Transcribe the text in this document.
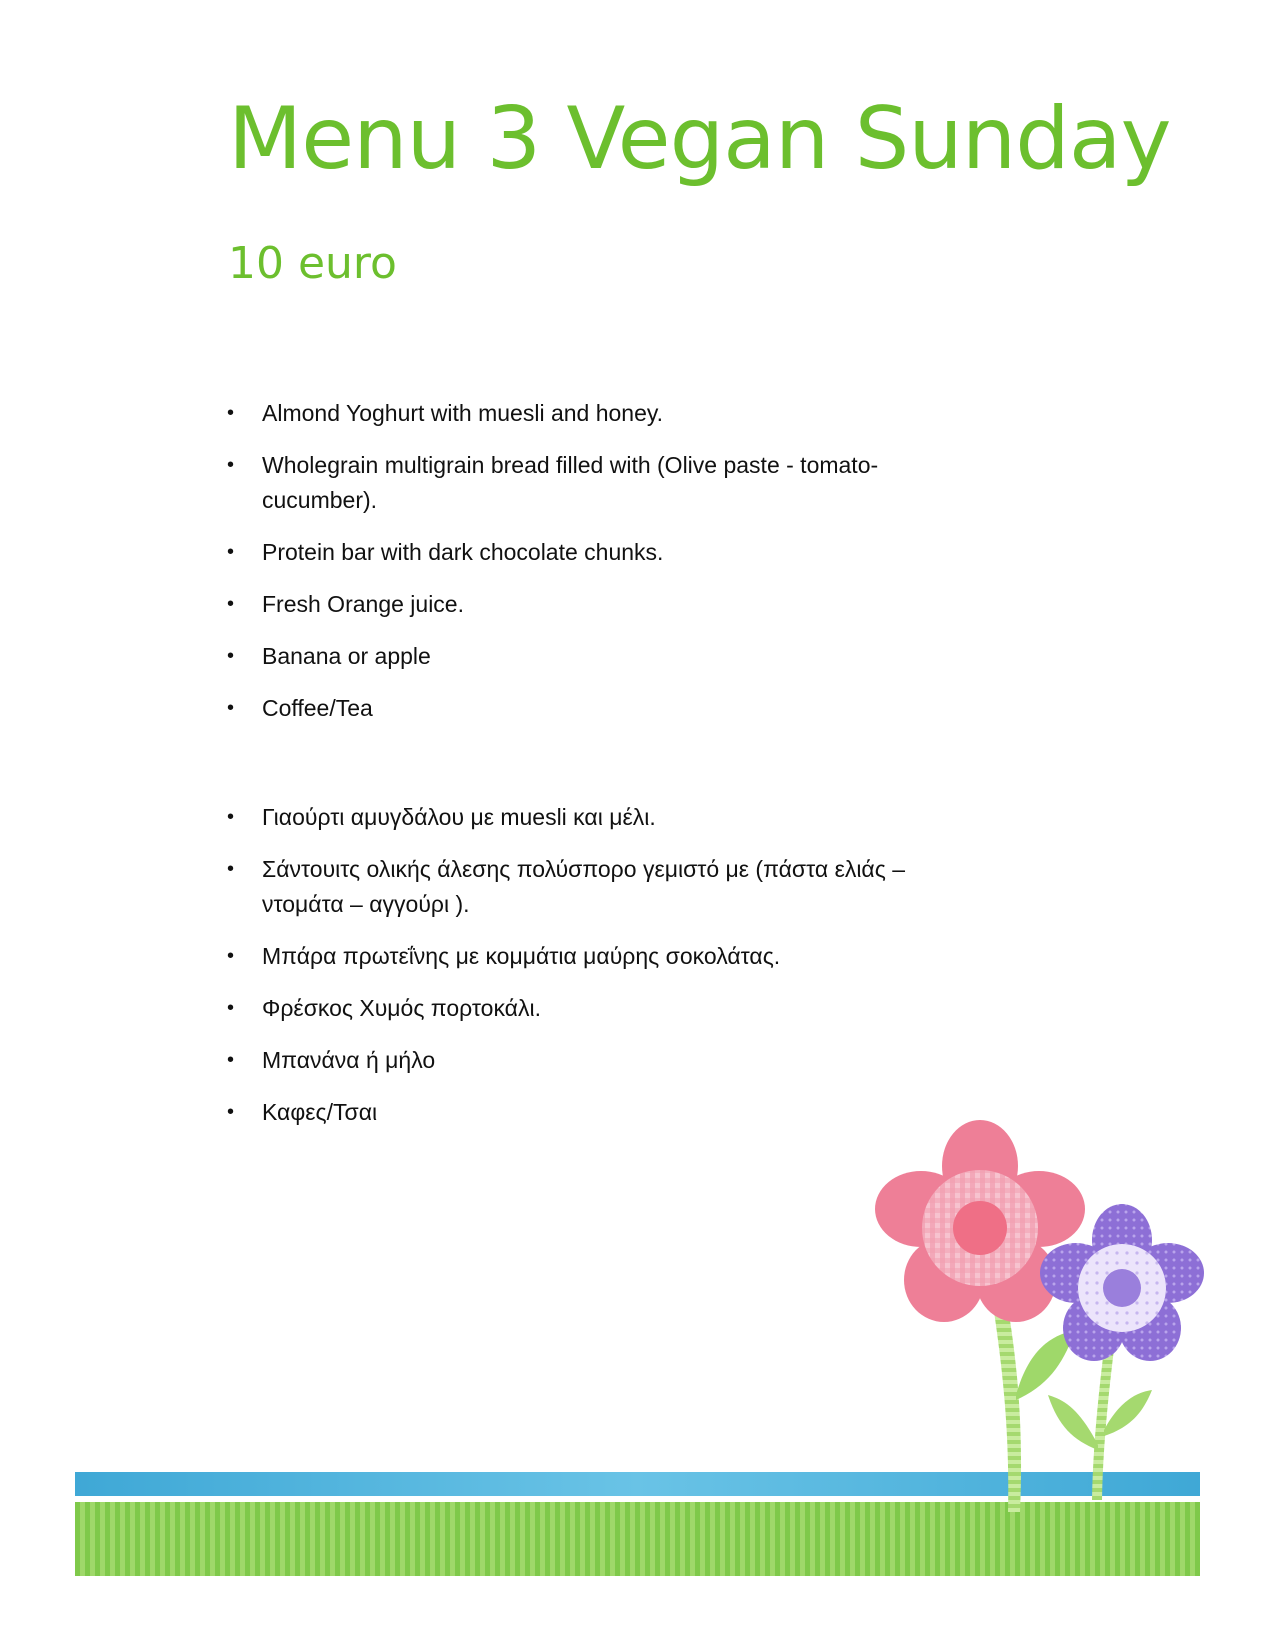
Menu 3 Vegan Sunday
10 euro
• Almond Yoghurt with muesli and honey.
• Wholegrain multigrain bread filled with (Olive paste - tomato- cucumber).
• Protein bar with dark chocolate chunks.
• Fresh Orange juice.
• Banana or apple
• Coffee/Tea
• Γιαούρτι αμυγδάλου με muesli και μέλι.
• Σάντουιτς ολικής άλεσης πολύσπορο γεμιστό με (πάστα ελιάς – ντομάτα – αγγούρι ).
• Μπάρα πρωτεΐνης με κομμάτια μαύρης σοκολάτας.
• Φρέσκος Χυμός πορτοκάλι.
• Μπανάνα ή μήλο
• Καφες/Τσαι
